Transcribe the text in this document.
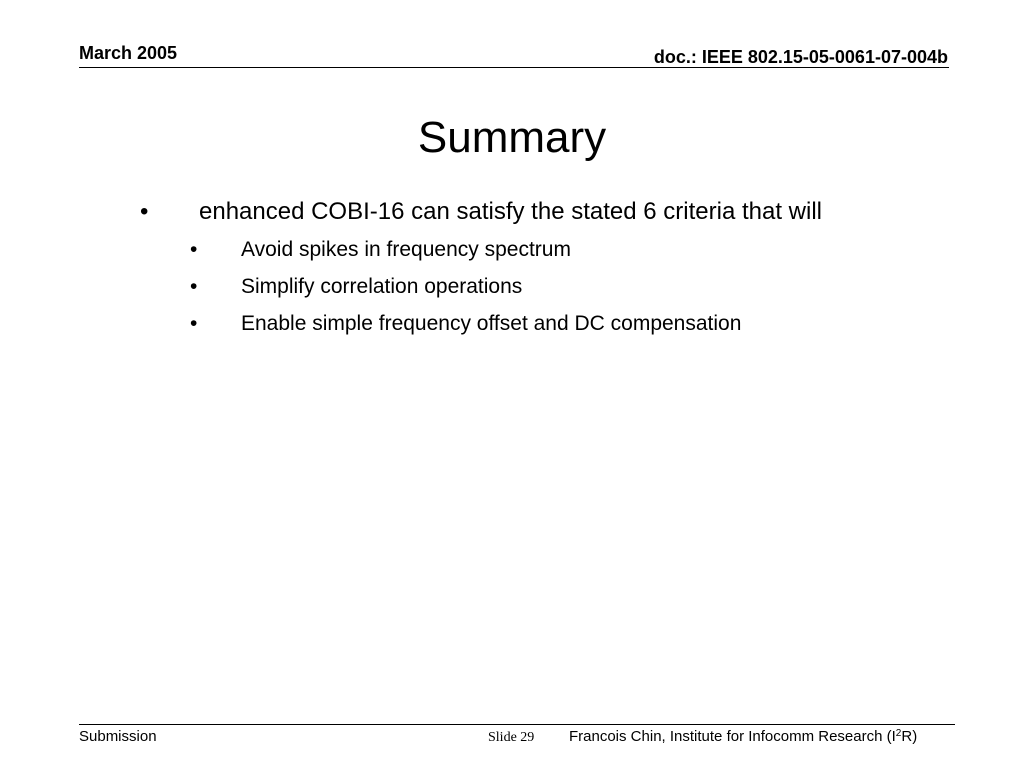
March 2005	doc.: IEEE 802.15-05-0061-07-004b
Summary
• enhanced COBI-16 can satisfy the stated 6 criteria that will
• Avoid spikes in frequency spectrum
• Simplify correlation operations
• Enable simple frequency offset and DC compensation
Submission	Slide 29 Francois Chin, Institute for Infocomm Research $(I^2R)$
